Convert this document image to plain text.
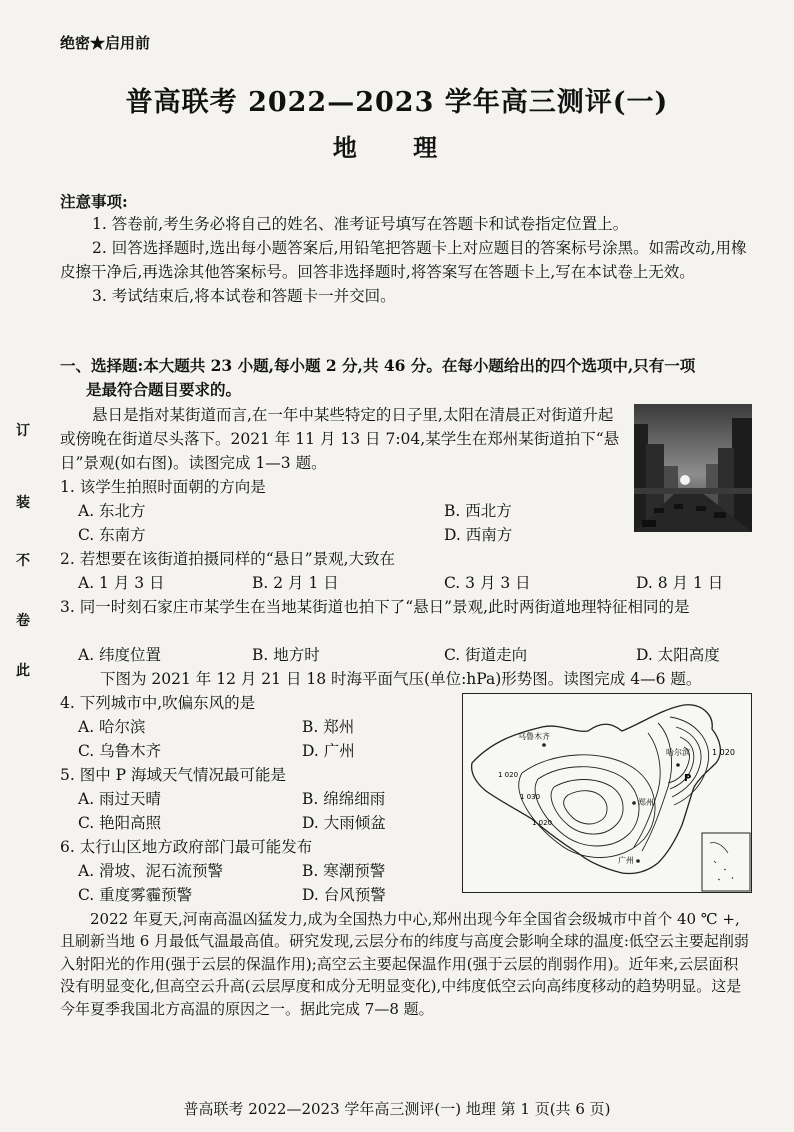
绝密★启用前
普高联考 2022—2023 学年高三测评(一)
地 理
注意事项:
1. 答卷前,考生务必将自己的姓名、准考证号填写在答题卡和试卷指定位置上。
2. 回答选择题时,选出每小题答案后,用铅笔把答题卡上对应题目的答案标号涂黑。如需改动,用橡皮擦干净后,再选涂其他答案标号。回答非选择题时,将答案写在答题卡上,写在本试卷上无效。
3. 考试结束后,将本试卷和答题卡一并交回。
一、选择题:本大题共 23 小题,每小题 2 分,共 46 分。在每小题给出的四个选项中,只有一项
是最符合题目要求的。
悬日是指对某街道而言,在一年中某些特定的日子里,太阳在清晨正对街道升起或傍晚在街道尽头落下。2021 年 11 月 13 日 7:04,某学生在郑州某街道拍下“悬日”景观(如右图)。读图完成 1—3 题。
1. 该学生拍照时面朝的方向是
A. 东北方	B. 西北方
C. 东南方	D. 西南方
2. 若想要在该街道拍摄同样的“悬日”景观,大致在
A. 1 月 3 日	B. 2 月 1 日	C. 3 月 3 日	D. 8 月 1 日
3. 同一时刻石家庄市某学生在当地某街道也拍下了“悬日”景观,此时两街道地理特征相同的是
A. 纬度位置	B. 地方时	C. 街道走向	D. 太阳高度
下图为 2021 年 12 月 21 日 18 时海平面气压(单位:hPa)形势图。读图完成 4—6 题。
4. 下列城市中,吹偏东风的是
A. 哈尔滨	B. 郑州
C. 乌鲁木齐	D. 广州
5. 图中 P 海域天气情况最可能是
A. 雨过天晴	B. 绵绵细雨
C. 艳阳高照	D. 大雨倾盆
6. 太行山区地方政府部门最可能发布
A. 滑坡、泥石流预警	B. 寒潮预警
C. 重度雾霾预警	D. 台风预警
乌鲁木齐
哈尔滨	1 020
郑州
广州
P
1 020
1 030
1 020
2022 年夏天,河南高温凶猛发力,成为全国热力中心,郑州出现今年全国省会级城市中首个 40 ℃ +,且刷新当地 6 月最低气温最高值。研究发现,云层分布的纬度与高度会影响全球的温度:低空云主要起削弱入射阳光的作用(强于云层的保温作用);高空云主要起保温作用(强于云层的削弱作用)。近年来,云层面积没有明显变化,但高空云升高(云层厚度和成分无明显变化),中纬度低空云向高纬度移动的趋势明显。这是今年夏季我国北方高温的原因之一。据此完成 7—8 题。
普高联考 2022—2023 学年高三测评(一) 地理 第 1 页(共 6 页)
订
装
不
卷
此
